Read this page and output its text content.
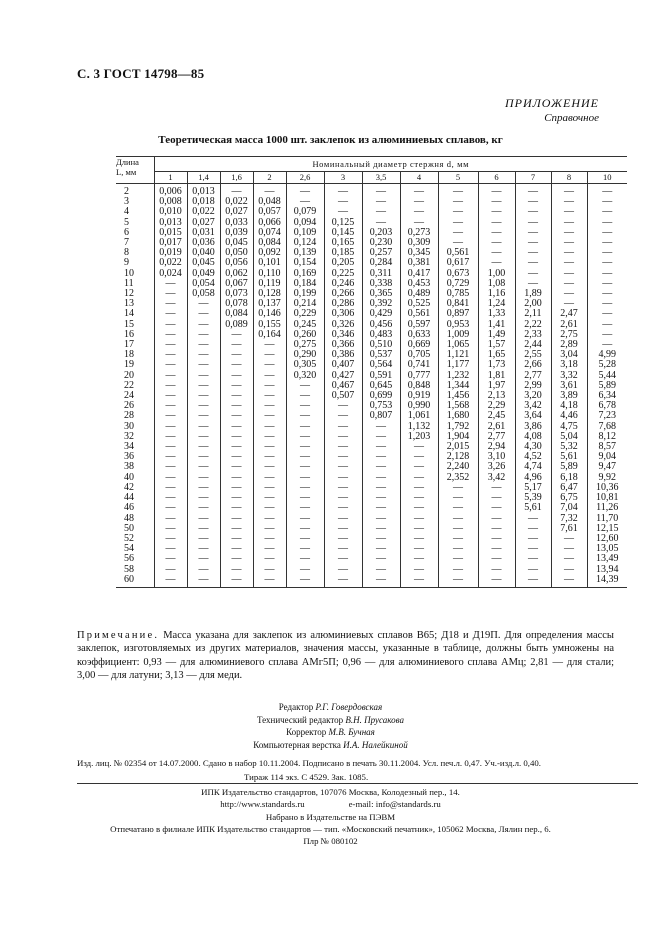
С. 3 ГОСТ 14798—85
ПРИЛОЖЕНИЕ
Справочное
Теоретическая масса 1000 шт. заклепок из алюминиевых сплавов, кг
Длина
L, мм	Номинальный диаметр стержня d, мм												
	1	1,4	1,6	2	2,6	3	3,5	4	5	6	7	8	10
2	0,006	0,013	—	—	—	—	—	—	—	—	—	—	—
3	0,008	0,018	0,022	0,048	—	—	—	—	—	—	—	—	—
4	0,010	0,022	0,027	0,057	0,079	—	—	—	—	—	—	—	—
5	0,013	0,027	0,033	0,066	0,094	0,125	—	—	—	—	—	—	—
6	0,015	0,031	0,039	0,074	0,109	0,145	0,203	0,273	—	—	—	—	—
7	0,017	0,036	0,045	0,084	0,124	0,165	0,230	0,309	—	—	—	—	—
8	0,019	0,040	0,050	0,092	0,139	0,185	0,257	0,345	0,561	—	—	—	—
9	0,022	0,045	0,056	0,101	0,154	0,205	0,284	0,381	0,617	—	—	—	—
10	0,024	0,049	0,062	0,110	0,169	0,225	0,311	0,417	0,673	1,00	—	—	—
11	—	0,054	0,067	0,119	0,184	0,246	0,338	0,453	0,729	1,08	—	—	—
12	—	0,058	0,073	0,128	0,199	0,266	0,365	0,489	0,785	1,16	1,89	—	—
13	—	—	0,078	0,137	0,214	0,286	0,392	0,525	0,841	1,24	2,00	—	—
14	—	—	0,084	0,146	0,229	0,306	0,429	0,561	0,897	1,33	2,11	2,47	—
15	—	—	0,089	0,155	0,245	0,326	0,456	0,597	0,953	1,41	2,22	2,61	—
16	—	—	—	0,164	0,260	0,346	0,483	0,633	1,009	1,49	2,33	2,75	—
17	—	—	—	—	0,275	0,366	0,510	0,669	1,065	1,57	2,44	2,89	—
18	—	—	—	—	0,290	0,386	0,537	0,705	1,121	1,65	2,55	3,04	4,99
19	—	—	—	—	0,305	0,407	0,564	0,741	1,177	1,73	2,66	3,18	5,28
20	—	—	—	—	0,320	0,427	0,591	0,777	1,232	1,81	2,77	3,32	5,44
22	—	—	—	—	—	0,467	0,645	0,848	1,344	1,97	2,99	3,61	5,89
24	—	—	—	—	—	0,507	0,699	0,919	1,456	2,13	3,20	3,89	6,34
26	—	—	—	—	—	—	0,753	0,990	1,568	2,29	3,42	4,18	6,78
28	—	—	—	—	—	—	0,807	1,061	1,680	2,45	3,64	4,46	7,23
30	—	—	—	—	—	—	—	1,132	1,792	2,61	3,86	4,75	7,68
32	—	—	—	—	—	—	—	1,203	1,904	2,77	4,08	5,04	8,12
34	—	—	—	—	—	—	—	—	2,015	2,94	4,30	5,32	8,57
36	—	—	—	—	—	—	—	—	2,128	3,10	4,52	5,61	9,04
38	—	—	—	—	—	—	—	—	2,240	3,26	4,74	5,89	9,47
40	—	—	—	—	—	—	—	—	2,352	3,42	4,96	6,18	9,92
42	—	—	—	—	—	—	—	—	—	—	5,17	6,47	10,36
44	—	—	—	—	—	—	—	—	—	—	5,39	6,75	10,81
46	—	—	—	—	—	—	—	—	—	—	5,61	7,04	11,26
48	—	—	—	—	—	—	—	—	—	—	—	7,32	11,70
50	—	—	—	—	—	—	—	—	—	—	—	7,61	12,15
52	—	—	—	—	—	—	—	—	—	—	—	—	12,60
54	—	—	—	—	—	—	—	—	—	—	—	—	13,05
56	—	—	—	—	—	—	—	—	—	—	—	—	13,49
58	—	—	—	—	—	—	—	—	—	—	—	—	13,94
60	—	—	—	—	—	—	—	—	—	—	—	—	14,39
Примечание. Масса указана для заклепок из алюминиевых сплавов В65; Д18 и Д19П. Для определения массы заклепок, изготовляемых из других материалов, значения массы, указанные в таблице, должны быть умножены на коэффициент: 0,93 — для алюминиевого сплава АМг5П; 0,96 — для алюминиевого сплава АМц; 2,81 — для стали; 3,00 — для латуни; 3,13 — для меди.
Редактор Р.Г. Говердовская
Технический редактор В.Н. Прусакова
Корректор М.В. Бучная
Компьютерная верстка И.А. Налейкиной
Изд. лиц. № 02354 от 14.07.2000. Сдано в набор 10.11.2004. Подписано в печать 30.11.2004. Усл. печ.л. 0,47. Уч.-изд.л. 0,40.
Тираж 114 экз. С 4529. Зак. 1085.
ИПК Издательство стандартов, 107076 Москва, Колодезный пер., 14.
http://www.standards.ru                    e-mail: info@standards.ru
Набрано в Издательстве на ПЭВМ
Отпечатано в филиале ИПК Издательство стандартов — тип. «Московский печатник», 105062 Москва, Лялин пер., 6.
Плр № 080102
